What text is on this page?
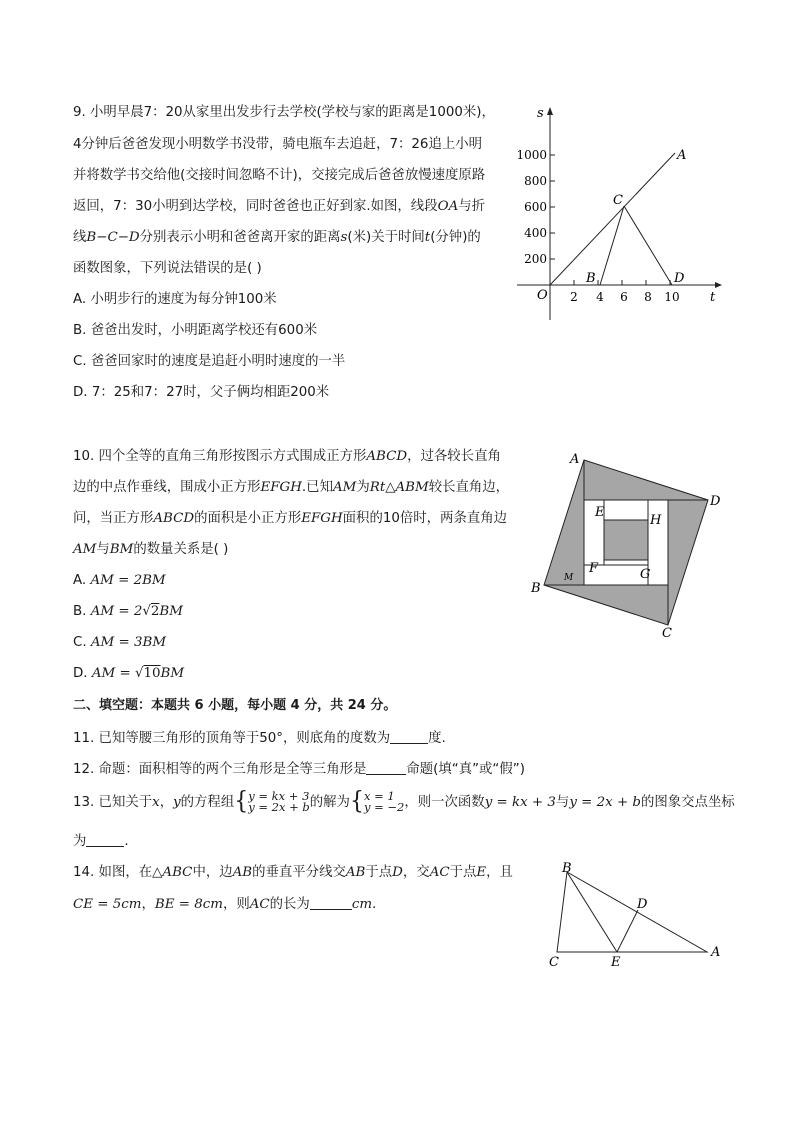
9. 小明早晨7：20从家里出发步行去学校(学校与家的距离是1000米)，
4分钟后爸爸发现小明数学书没带，骑电瓶车去追赶，7：26追上小明
并将数学书交给他(交接时间忽略不计)，交接完成后爸爸放慢速度原路
返回，7：30小明到达学校，同时爸爸也正好到家.如图，线段OA与折
线B−C−D分别表示小明和爸爸离开家的距离s(米)关于时间t(分钟)的
函数图象，下列说法错误的是( )
A. 小明步行的速度为每分钟100米
B. 爸爸出发时，小明距离学校还有600米
C. 爸爸回家时的速度是追赶小明时速度的一半
D. 7：25和7：27时，父子俩均相距200米
s
t
O
1000
800
600
400
200
2 4 6 8 10
A
B
C
D
10. 四个全等的直角三角形按图示方式围成正方形ABCD，过各较长直角
边的中点作垂线，围成小正方形EFGH.已知AM为Rt△ABM较长直角边，
问，当正方形ABCD的面积是小正方形EFGH面积的10倍时，两条直角边
AM与BM的数量关系是( )
A. AM = 2BM
B. AM = 2√2BM
C. AM = 3BM
D. AM = √10BM
A
D
C
B
E
H
G
F
M
二、填空题：本题共 6 小题，每小题 4 分，共 24 分。
11. 已知等腰三角形的顶角等于50°，则底角的度数为	度.
12. 命题：面积相等的两个三角形是全等三角形是	命题(填“真”或“假”)
13. 已知关于x，y的方程组{ y = kx + 3
y = 2x + b 的解为{ x = 1
y = −2 ，则一次函数y = kx + 3与y = 2x + b的图象交点坐标
为	.
14. 如图，在△ABC中，边AB的垂直平分线交AB于点D，交AC于点E，且
CE = 5cm，BE = 8cm，则AC的长为	cm.
B
C
A
E
D
